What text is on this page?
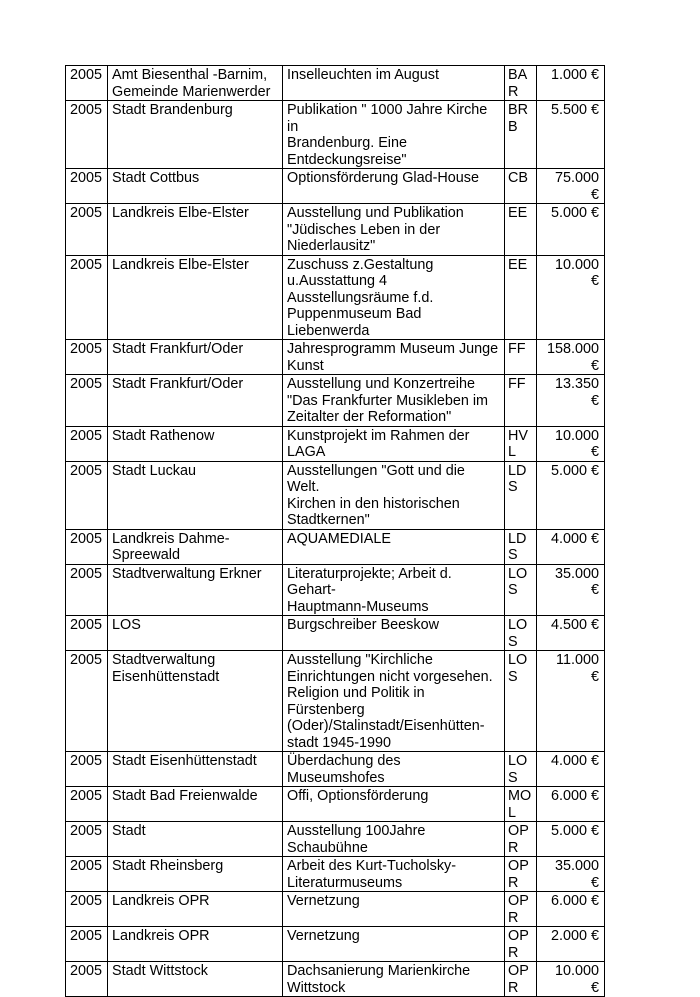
2005	Amt Biesenthal -Barnim,
Gemeinde Marienwerder	Inselleuchten im August	BA
R	1.000 €

2005	Stadt Brandenburg	Publikation " 1000 Jahre Kirche in
Brandenburg. Eine
Entdeckungsreise"	BR
B	5.500 €

2005	Stadt Cottbus	Optionsförderung Glad-House	CB	75.000
€

2005	Landkreis Elbe-Elster	Ausstellung und Publikation
"Jüdisches Leben in der
Niederlausitz"	EE	5.000 €

2005	Landkreis Elbe-Elster	Zuschuss z.Gestaltung
u.Ausstattung 4
Ausstellungsräume f.d.
Puppenmuseum Bad
Liebenwerda	EE	10.000
€

2005	Stadt Frankfurt/Oder	Jahresprogramm Museum Junge
Kunst	FF	158.000
€

2005	Stadt Frankfurt/Oder	Ausstellung und Konzertreihe
"Das Frankfurter Musikleben im
Zeitalter der Reformation"	FF	13.350
€

2005	Stadt Rathenow	Kunstprojekt im Rahmen der
LAGA	HV
L	10.000
€

2005	Stadt Luckau	Ausstellungen "Gott und die Welt.
Kirchen in den historischen
Stadtkernen"	LD
S	5.000 €

2005	Landkreis Dahme-
Spreewald	AQUAMEDIALE	LD
S	4.000 €

2005	Stadtverwaltung Erkner	Literaturprojekte; Arbeit d. Gehart-
Hauptmann-Museums	LO
S	35.000
€

2005	LOS	Burgschreiber Beeskow	LO
S	4.500 €

2005	Stadtverwaltung
Eisenhüttenstadt	Ausstellung "Kirchliche
Einrichtungen nicht vorgesehen.
Religion und Politik in Fürstenberg
(Oder)/Stalinstadt/Eisenhütten-
stadt 1945-1990	LO
S	11.000
€

2005	Stadt Eisenhüttenstadt	Überdachung des Museumshofes	LO
S	4.000 €

2005	Stadt Bad Freienwalde	Offi, Optionsförderung	MO
L	6.000 €

2005	Stadt	Ausstellung 100Jahre
Schaubühne	OP
R	5.000 €

2005	Stadt Rheinsberg	Arbeit des Kurt-Tucholsky-
Literaturmuseums	OP
R	35.000
€

2005	Landkreis OPR	Vernetzung	OP
R	6.000 €

2005	Landkreis OPR	Vernetzung	OP
R	2.000 €

2005	Stadt Wittstock	Dachsanierung Marienkirche
Wittstock	OP
R	10.000
€
